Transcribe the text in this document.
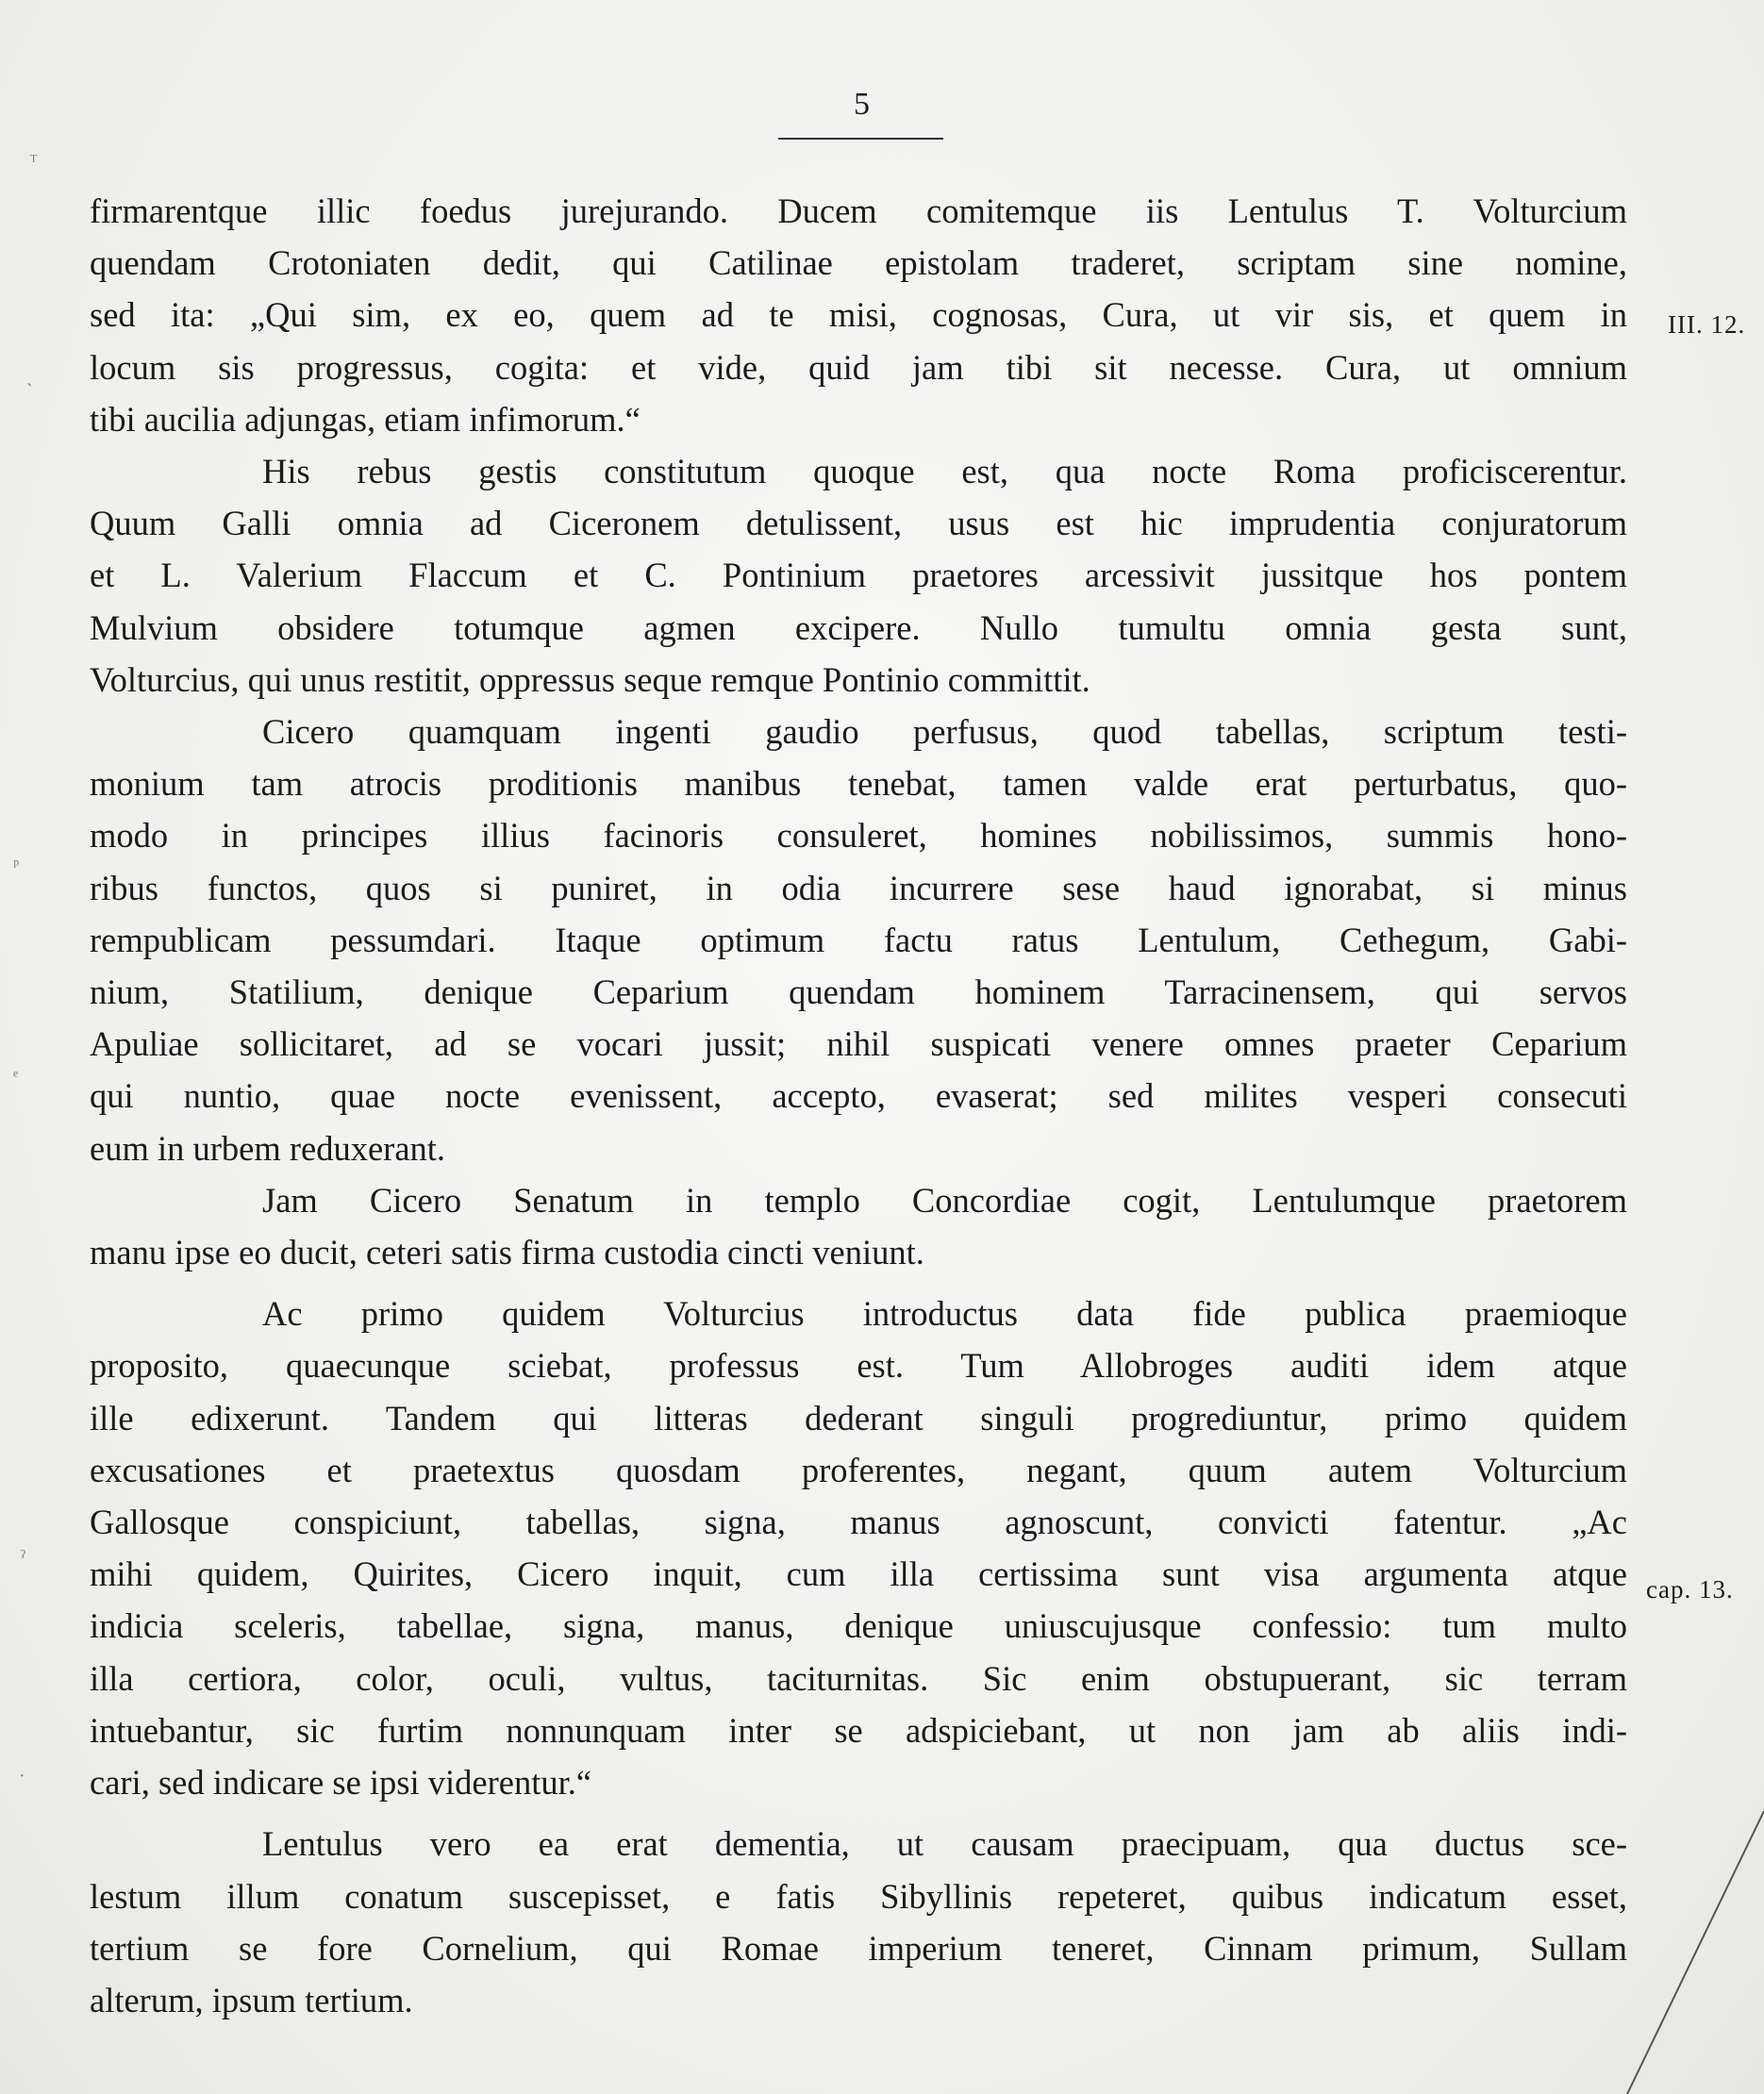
5
firmarentque illic foedus jurejurando. Ducem comitemque iis Lentulus T. Volturcium
quendam Crotoniaten dedit, qui Catilinae epistolam traderet, scriptam sine nomine,
sed ita: „Qui sim, ex eo, quem ad te misi, cognosas, Cura, ut vir sis, et quem in
locum sis progressus, cogita: et vide, quid jam tibi sit necesse. Cura, ut omnium
tibi aucilia adjungas, etiam infimorum.“
His rebus gestis constitutum quoque est, qua nocte Roma proficiscerentur.
Quum Galli omnia ad Ciceronem detulissent, usus est hic imprudentia conjuratorum
et L. Valerium Flaccum et C. Pontinium praetores arcessivit jussitque hos pontem
Mulvium obsidere totumque agmen excipere. Nullo tumultu omnia gesta sunt,
Volturcius, qui unus restitit, oppressus seque remque Pontinio committit.
Cicero quamquam ingenti gaudio perfusus, quod tabellas, scriptum testi-
monium tam atrocis proditionis manibus tenebat, tamen valde erat perturbatus, quo-
modo in principes illius facinoris consuleret, homines nobilissimos, summis hono-
ribus functos, quos si puniret, in odia incurrere sese haud ignorabat, si minus
rempublicam pessumdari. Itaque optimum factu ratus Lentulum, Cethegum, Gabi-
nium, Statilium, denique Ceparium quendam hominem Tarracinensem, qui servos
Apuliae sollicitaret, ad se vocari jussit; nihil suspicati venere omnes praeter Ceparium
qui nuntio, quae nocte evenissent, accepto, evaserat; sed milites vesperi consecuti
eum in urbem reduxerant.
Jam Cicero Senatum in templo Concordiae cogit, Lentulumque praetorem
manu ipse eo ducit, ceteri satis firma custodia cincti veniunt.
Ac primo quidem Volturcius introductus data fide publica praemioque
proposito, quaecunque sciebat, professus est. Tum Allobroges auditi idem atque
ille edixerunt. Tandem qui litteras dederant singuli progrediuntur, primo quidem
excusationes et praetextus quosdam proferentes, negant, quum autem Volturcium
Gallosque conspiciunt, tabellas, signa, manus agnoscunt, convicti fatentur. „Ac
mihi quidem, Quirites, Cicero inquit, cum illa certissima sunt visa argumenta atque
indicia sceleris, tabellae, signa, manus, denique uniuscujusque confessio: tum multo
illa certiora, color, oculi, vultus, taciturnitas. Sic enim obstupuerant, sic terram
intuebantur, sic furtim nonnunquam inter se adspiciebant, ut non jam ab aliis indi-
cari, sed indicare se ipsi viderentur.“
Lentulus vero ea erat dementia, ut causam praecipuam, qua ductus sce-
lestum illum conatum suscepisset, e fatis Sibyllinis repeteret, quibus indicatum esset,
tertium se fore Cornelium, qui Romae imperium teneret, Cinnam primum, Sullam
alterum, ipsum tertium.
III. 12.
cap. 13.
ᵀ
ˏ
ᵖ
ᵉ
ˀ
·
